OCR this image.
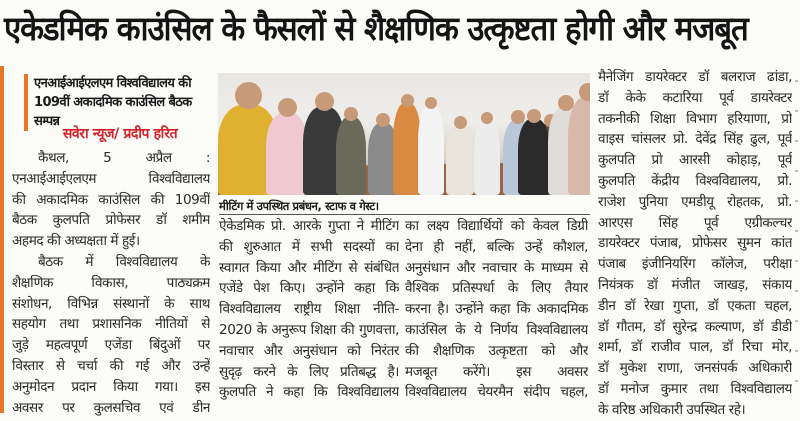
एकेडमिक काउंसिल के फैसलों से शैक्षणिक उत्कृष्टता होगी और मजबूत
एनआईआईएलएम विश्वविद्यालय की
109वीं अकादमिक काउंसिल बैठक सम्पन्न
सवेरा न्यूज/ प्रदीप हरित
कैथल, 5 अप्रैल :
एनआईआईएलएम विश्वविद्यालय
की अकादमिक काउंसिल की 109वीं
बैठक कुलपति प्रोफेसर डॉ शमीम
अहमद की अध्यक्षता में हुई।
बैठक में विश्वविद्यालय के
शैक्षणिक विकास, पाठ्यक्रम
संशोधन, विभिन्न संस्थानों के साथ
सहयोग तथा प्रशासनिक नीतियों से
जुड़े महत्वपूर्ण एजेंडा बिंदुओं पर
विस्तार से चर्चा की गई और उन्हें
अनुमोदन प्रदान किया गया। इस
अवसर पर कुलसचिव एवं डीन
मीटिंग में उपस्थित प्रबंधन, स्टाफ व गेस्ट।
ऐकेडमिक प्रो. आरके गुप्ता ने मीटिंग
की शुरुआत में सभी सदस्यों का
स्वागत किया और मीटिंग से संबंधित
एजेंडे पेश किए। उन्होंने कहा कि
विश्वविद्यालय राष्ट्रीय शिक्षा नीति-
2020 के अनुरूप शिक्षा की गुणवत्ता,
नवाचार और अनुसंधान को निरंतर
सुदृढ़ करने के लिए प्रतिबद्ध है।
कुलपति ने कहा कि विश्वविद्यालय
का लक्ष्य विद्यार्थियों को केवल डिग्री
देना ही नहीं, बल्कि उन्हें कौशल,
अनुसंधान और नवाचार के माध्यम से
वैश्विक प्रतिस्पर्धा के लिए तैयार
करना है। उन्होंने कहा कि अकादमिक
काउंसिल के ये निर्णय विश्वविद्यालय
की शैक्षणिक उत्कृष्टता को और
मजबूत करेंगे। इस अवसर
विश्वविद्यालय चेयरमैन संदीप चहल,
मैनेजिंग डायरेक्टर डॉ बलराज ढांडा,
डॉ केके कटारिया पूर्व डायरेक्टर
तकनीकी शिक्षा विभाग हरियाणा, प्रो
वाइस चांसलर प्रो. देवेंद्र सिंह ढुल, पूर्व
कुलपति प्रो आरसी कोहाड़, पूर्व
कुलपति केंद्रीय विश्वविद्यालय, प्रो.
राजेश पुनिया एमडीयू रोहतक, प्रो.
आरएस सिंह पूर्व एग्रीकल्चर
डायरेक्टर पंजाब, प्रोफेसर सुमन कांत
पंजाब इंजीनियरिंग कॉलेज, परीक्षा
नियंत्रक डॉ मंजीत जाखड़, संकाय
डीन डॉ रेखा गुप्ता, डॉ एकता चहल,
डॉ गौतम, डॉ सुरेन्द्र कल्याण, डॉ डीडी
शर्मा, डॉ राजीव पाल, डॉ रिचा मोर,
डॉ मुकेश राणा, जनसंपर्क अधिकारी
डॉ मनोज कुमार तथा विश्वविद्यालय
के वरिष्ठ अधिकारी उपस्थित रहे।
